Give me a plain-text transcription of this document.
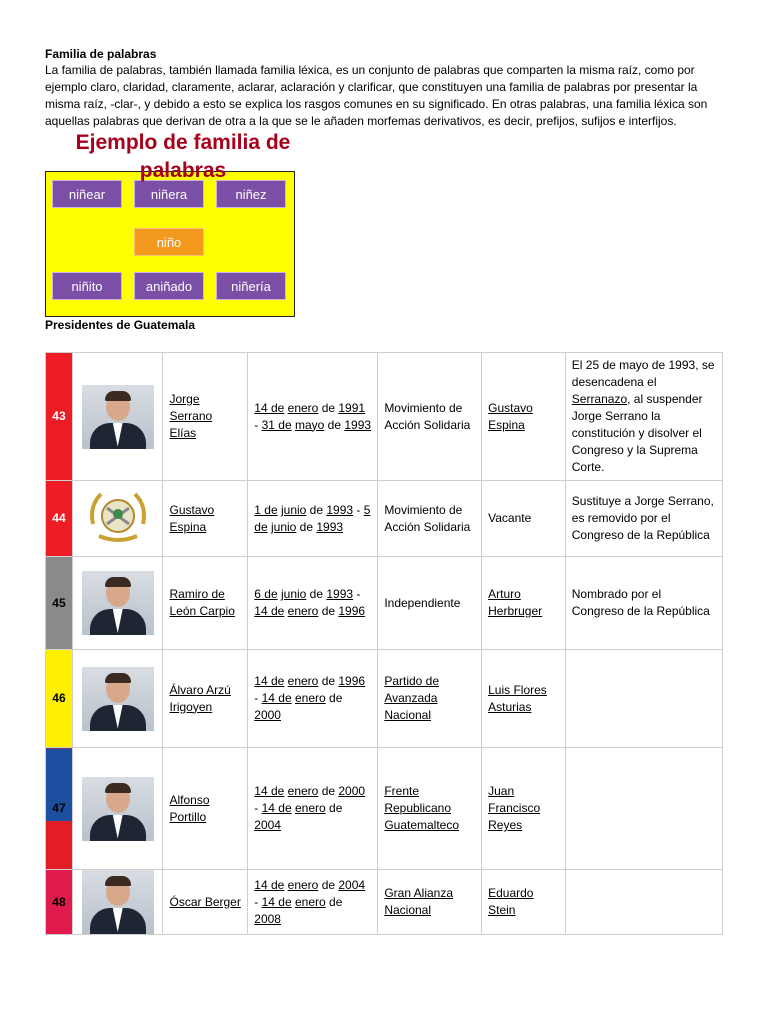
Familia de palabras

La familia de palabras, también llamada familia léxica, es un conjunto de palabras que comparten la misma raíz, como por ejemplo claro, claridad, claramente, aclarar, aclaración y clarificar, que constituyen una familia de palabras por presentar la misma raíz, -clar-, y debido a esto se explica los rasgos comunes en su significado. En otras palabras, una familia léxica son aquellas palabras que derivan de otra a la que se le añaden morfemas derivativos, es decir, prefijos, sufijos e interfijos.

niñear	niñera	niñez
niño
niñito	aniñado	niñería
Ejemplo de familia de palabras
Presidentes de Guatemala
43		Jorge Serrano Elías	14 de enero de 1991 - 31 de mayo de 1993	Movimiento de Acción Solidaria	Gustavo Espina	El 25 de mayo de 1993, se desencadena el Serranazo, al suspender Jorge Serrano la constitución y disolver el Congreso y la Suprema Corte.
44		Gustavo Espina	1 de junio de 1993 - 5 de junio de 1993	Movimiento de Acción Solidaria	Vacante	Sustituye a Jorge Serrano, es removido por el Congreso de la República
45		Ramiro de León Carpio	6 de junio de 1993 - 14 de enero de 1996	Independiente	Arturo Herbruger	Nombrado por el Congreso de la República
46		Álvaro Arzú Irigoyen	14 de enero de 1996 - 14 de enero de 2000	Partido de Avanzada Nacional	Luis Flores Asturias	
47		Alfonso Portillo	14 de enero de 2000 - 14 de enero de 2004	Frente Republicano Guatemalteco	Juan Francisco Reyes	
48		Óscar Berger	14 de enero de 2004 - 14 de enero de 2008	Gran Alianza Nacional	Eduardo Stein	
